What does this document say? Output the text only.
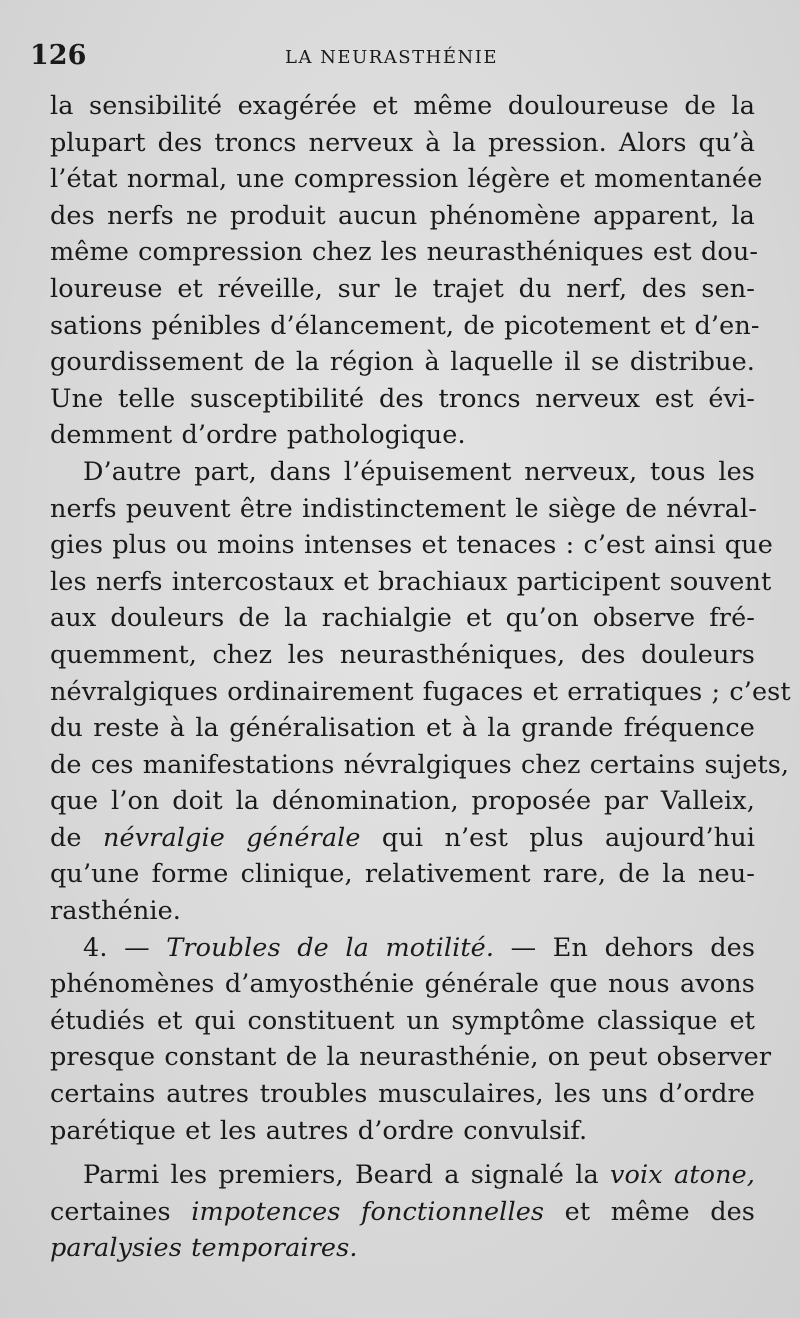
126	LA NEURASTHÉNIE

la sensibilité exagérée et même douloureuse de la
plupart des troncs nerveux à la pression. Alors qu’à
l’état normal, une compression légère et momentanée
des nerfs ne produit aucun phénomène apparent, la
même compression chez les neurasthéniques est dou-
loureuse et réveille, sur le trajet du nerf, des sen-
sations pénibles d’élancement, de picotement et d’en-
gourdissement de la région à laquelle il se distribue.
Une telle susceptibilité des troncs nerveux est évi-
demment d’ordre pathologique.

D’autre part, dans l’épuisement nerveux, tous les
nerfs peuvent être indistinctement le siège de névral-
gies plus ou moins intenses et tenaces : c’est ainsi que
les nerfs intercostaux et brachiaux participent souvent
aux douleurs de la rachialgie et qu’on observe fré-
quemment, chez les neurasthéniques, des douleurs
névralgiques ordinairement fugaces et erratiques ; c’est
du reste à la généralisation et à la grande fréquence
de ces manifestations névralgiques chez certains sujets,
que l’on doit la dénomination, proposée par Valleix,
de névralgie générale qui n’est plus aujourd’hui
qu’une forme clinique, relativement rare, de la neu-
rasthénie.

4. — Troubles de la motilité. — En dehors des
phénomènes d’amyosthénie générale que nous avons
étudiés et qui constituent un symptôme classique et
presque constant de la neurasthénie, on peut observer
certains autres troubles musculaires, les uns d’ordre
parétique et les autres d’ordre convulsif.

Parmi les premiers, Beard a signalé la voix atone,
certaines impotences fonctionnelles et même des
paralysies temporaires.
